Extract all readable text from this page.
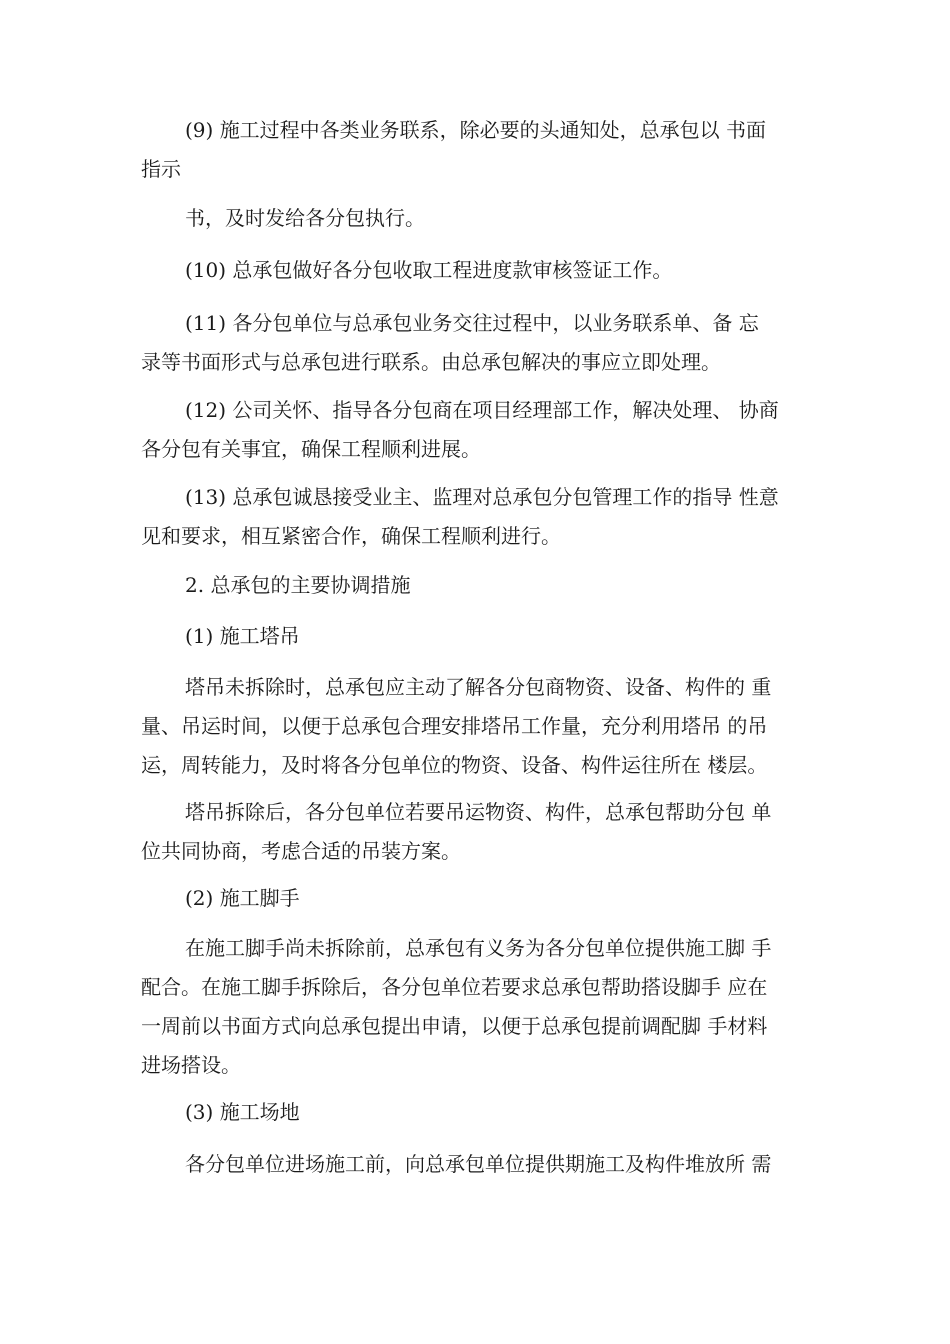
(9) 施工过程中各类业务联系，除必要的头通知处，总承包以 书面
指示

书，及时发给各分包执行。

(10) 总承包做好各分包收取工程进度款审核签证工作。

(11) 各分包单位与总承包业务交往过程中，以业务联系单、备 忘
录等书面形式与总承包进行联系。由总承包解决的事应立即处理。

(12) 公司关怀、指导各分包商在项目经理部工作，解决处理、 协商
各分包有关事宜，确保工程顺利进展。

(13) 总承包诚恳接受业主、监理对总承包分包管理工作的指导 性意
见和要求，相互紧密合作，确保工程顺利进行。

2. 总承包的主要协调措施

(1) 施工塔吊

塔吊未拆除时，总承包应主动了解各分包商物资、设备、构件的 重
量、吊运时间，以便于总承包合理安排塔吊工作量，充分利用塔吊 的吊
运，周转能力，及时将各分包单位的物资、设备、构件运往所在 楼层。

塔吊拆除后，各分包单位若要吊运物资、构件，总承包帮助分包 单
位共同协商，考虑合适的吊装方案。

(2) 施工脚手

在施工脚手尚未拆除前，总承包有义务为各分包单位提供施工脚 手
配合。在施工脚手拆除后，各分包单位若要求总承包帮助搭设脚手 应在
一周前以书面方式向总承包提出申请，以便于总承包提前调配脚 手材料
进场搭设。

(3) 施工场地

各分包单位进场施工前，向总承包单位提供期施工及构件堆放所 需
